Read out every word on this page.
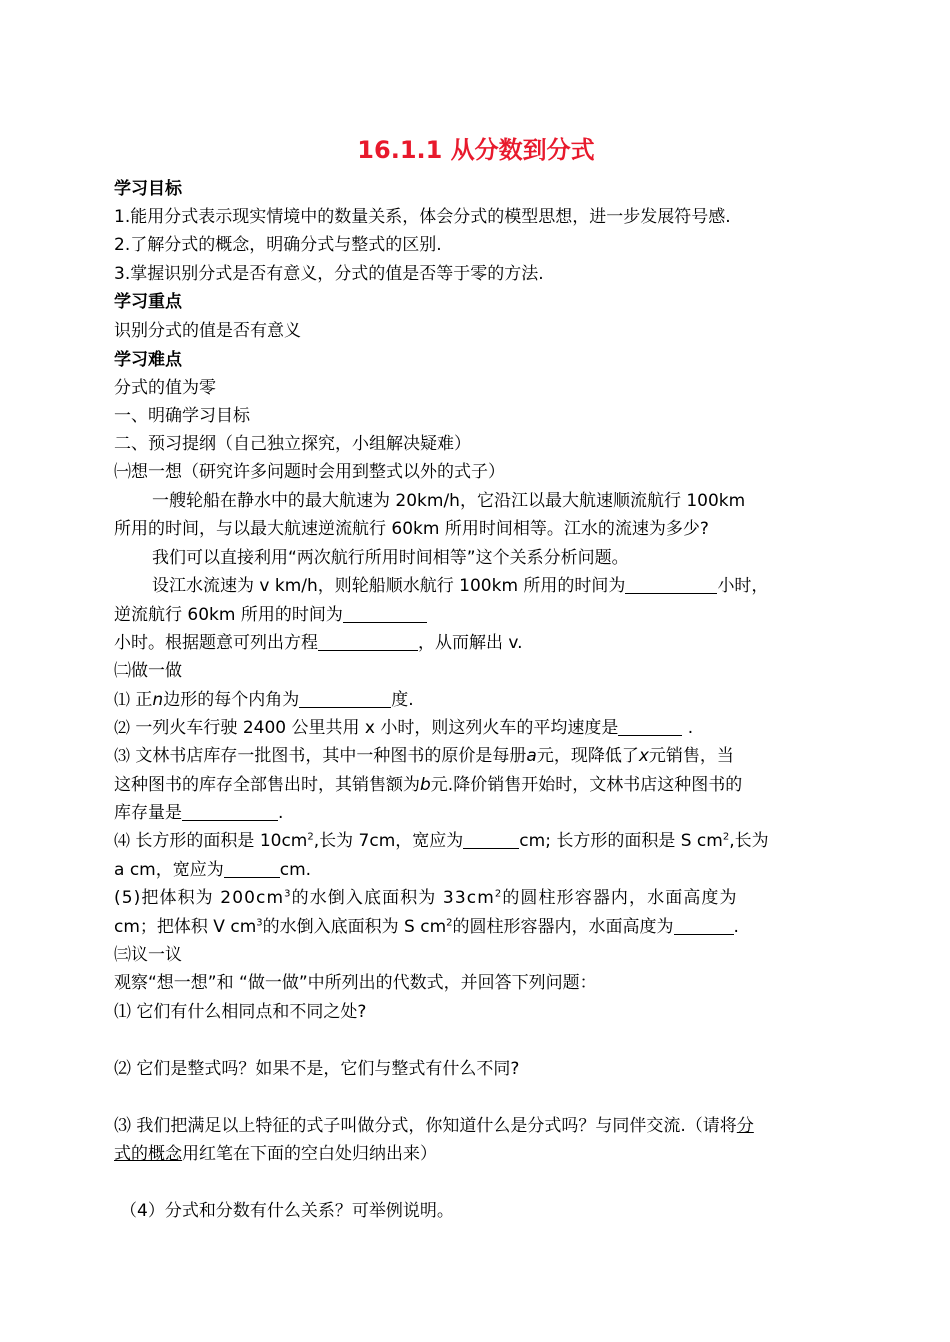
16.1.1 从分数到分式
学习目标
1.能用分式表示现实情境中的数量关系，体会分式的模型思想，进一步发展符号感.
2.了解分式的概念，明确分式与整式的区别.
3.掌握识别分式是否有意义，分式的值是否等于零的方法.
学习重点
识别分式的值是否有意义
学习难点
分式的值为零
一、明确学习目标
二、预习提纲（自己独立探究，小组解决疑难）
㈠想一想（研究许多问题时会用到整式以外的式子）
一艘轮船在静水中的最大航速为 20km/h，它沿江以最大航速顺流航行 100km
所用的时间，与以最大航速逆流航行 60km 所用时间相等。江水的流速为多少?
我们可以直接利用“两次航行所用时间相等”这个关系分析问题。
设江水流速为 v km/h，则轮船顺水航行 100km 所用的时间为	小时，
逆流航行 60km 所用的时间为
小时。根据题意可列出方程	，从而解出 v.
㈡做一做
⑴ 正n边形的每个内角为	度.
⑵ 一列火车行驶 2400 公里共用 x 小时，则这列火车的平均速度是	.
⑶ 文林书店库存一批图书，其中一种图书的原价是每册a元，现降低了x元销售，当
这种图书的库存全部售出时，其销售额为b元.降价销售开始时，文林书店这种图书的
库存量是	.
⑷ 长方形的面积是 $10cm^2$,长为 7cm，宽应为	cm; 长方形的面积是 S $cm^2$,长为
a cm，宽应为	cm.
(5)把体积为 $200cm^3$的水倒入底面积为 $33cm^2$的圆柱形容器内，水面高度为
cm；把体积 V $cm^3$的水倒入底面积为 S $cm^2$的圆柱形容器内，水面高度为	.
㈢议一议
观察“想一想”和 “做一做”中所列出的代数式，并回答下列问题：
⑴ 它们有什么相同点和不同之处?
⑵ 它们是整式吗？如果不是，它们与整式有什么不同?
⑶ 我们把满足以上特征的式子叫做分式，你知道什么是分式吗？与同伴交流.（请将分
式的概念用红笔在下面的空白处归纳出来）
（4）分式和分数有什么关系？可举例说明。
